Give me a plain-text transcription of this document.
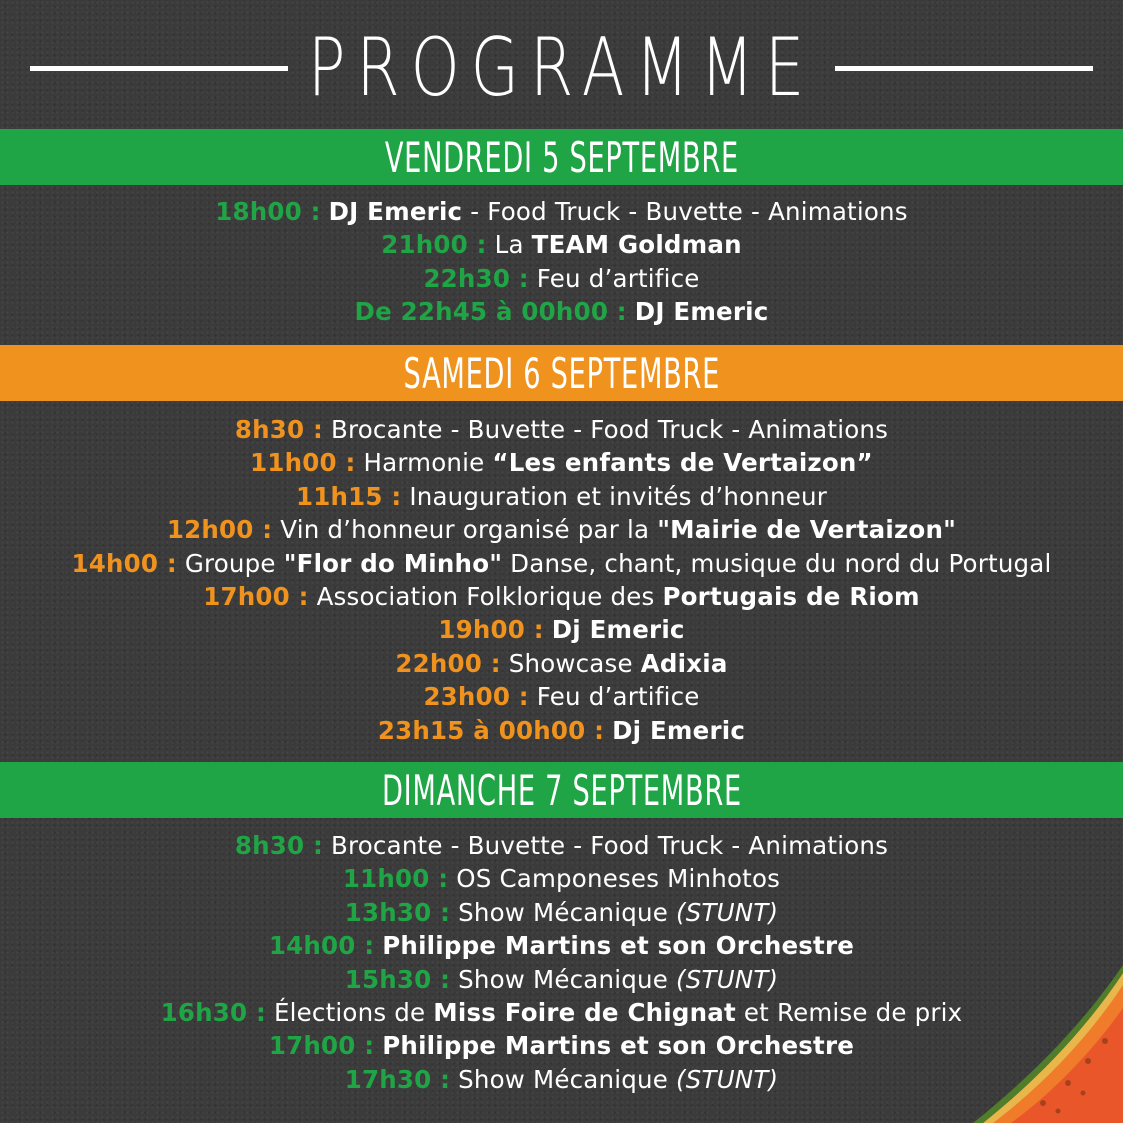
PROGRAMME
VENDREDI 5 SEPTEMBRE
18h00 : DJ Emeric - Food Truck - Buvette - Animations
21h00 : La TEAM Goldman
22h30 : Feu d’artifice
De 22h45 à 00h00 : DJ Emeric
SAMEDI 6 SEPTEMBRE
8h30 : Brocante - Buvette - Food Truck - Animations
11h00 : Harmonie “Les enfants de Vertaizon”
11h15 : Inauguration et invités d’honneur
12h00 : Vin d’honneur organisé par la "Mairie de Vertaizon"
14h00 : Groupe "Flor do Minho" Danse, chant, musique du nord du Portugal
17h00 : Association Folklorique des Portugais de Riom
19h00 : Dj Emeric
22h00 : Showcase Adixia
23h00 : Feu d’artifice
23h15 à 00h00 : Dj Emeric
DIMANCHE 7 SEPTEMBRE
8h30 : Brocante - Buvette - Food Truck - Animations
11h00 : OS Camponeses Minhotos
13h30 : Show Mécanique (STUNT)
14h00 : Philippe Martins et son Orchestre
15h30 : Show Mécanique (STUNT)
16h30 : Élections de Miss Foire de Chignat et Remise de prix
17h00 : Philippe Martins et son Orchestre
17h30 : Show Mécanique (STUNT)
